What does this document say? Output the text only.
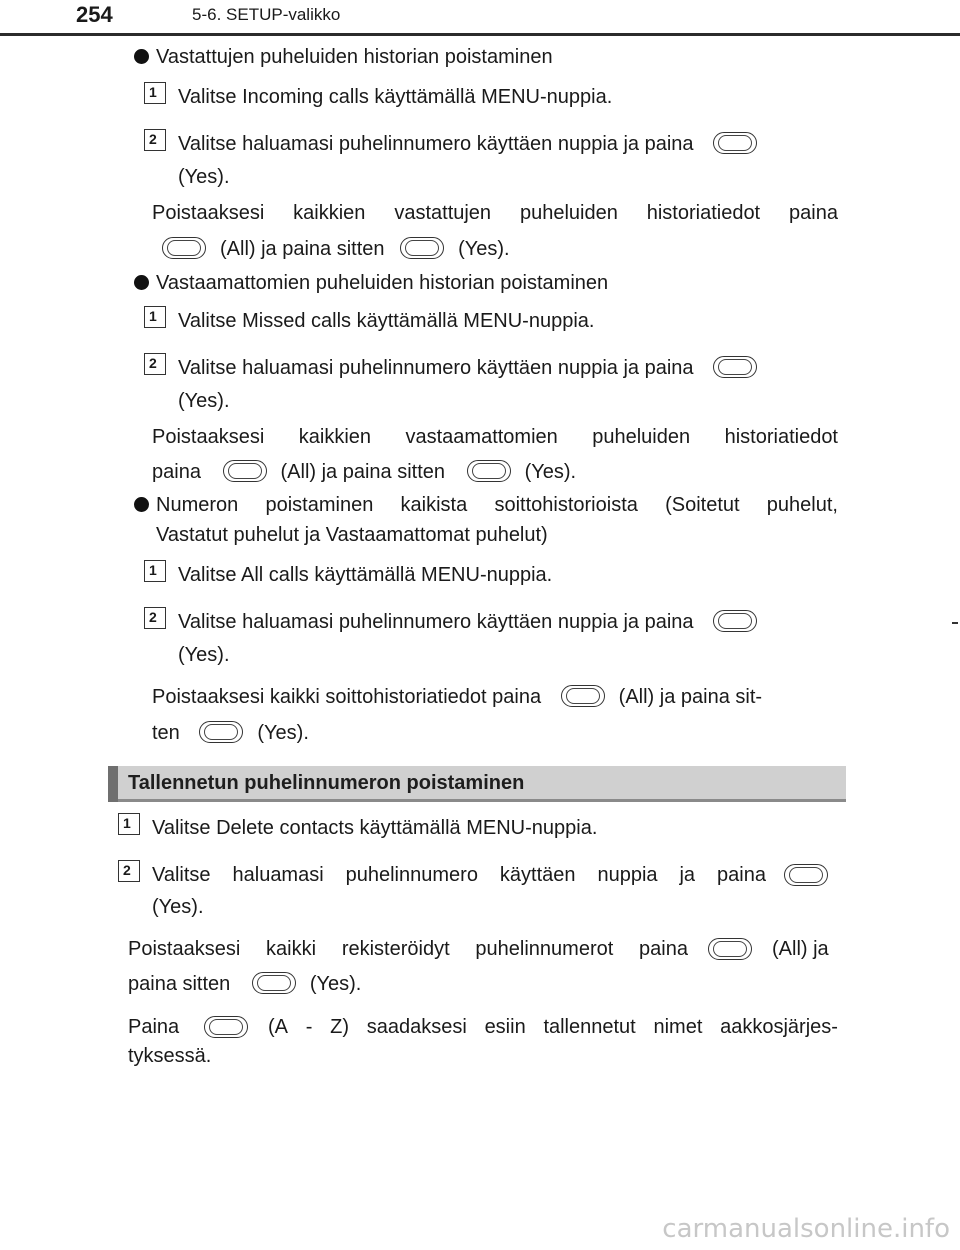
254	5-6. SETUP-valikko
Vastattujen puheluiden historian poistaminen
1	Valitse Incoming calls käyttämällä MENU-nuppia.
2	Valitse haluamasi puhelinnumero käyttäen nuppia ja paina
(Yes).
Poistaaksesi kaikkien vastattujen puheluiden historiatiedot paina
(All) ja paina sitten	(Yes).
Vastaamattomien puheluiden historian poistaminen
1	Valitse Missed calls käyttämällä MENU-nuppia.
2	Valitse haluamasi puhelinnumero käyttäen nuppia ja paina
(Yes).
Poistaaksesi kaikkien vastaamattomien puheluiden historiatiedot
paina	(All) ja paina sitten	(Yes).
Numeron poistaminen kaikista soittohistorioista (Soitetut puhelut,
Vastatut puhelut ja Vastaamattomat puhelut)
1	Valitse All calls käyttämällä MENU-nuppia.
2	Valitse haluamasi puhelinnumero käyttäen nuppia ja paina
(Yes).
Poistaaksesi kaikki soittohistoriatiedot paina	(All) ja paina sit-
ten	(Yes).
Tallennetun puhelinnumeron poistaminen
1	Valitse Delete contacts käyttämällä MENU-nuppia.
2	Valitse haluamasi puhelinnumero käyttäen nuppia ja paina
(Yes).
Poistaaksesi kaikki rekisteröidyt puhelinnumerot paina	(All) ja
paina sitten	(Yes).
Paina	(A - Z) saadaksesi esiin tallennetut nimet aakkosjärjes-
tyksessä.
carmanualsonline.info
